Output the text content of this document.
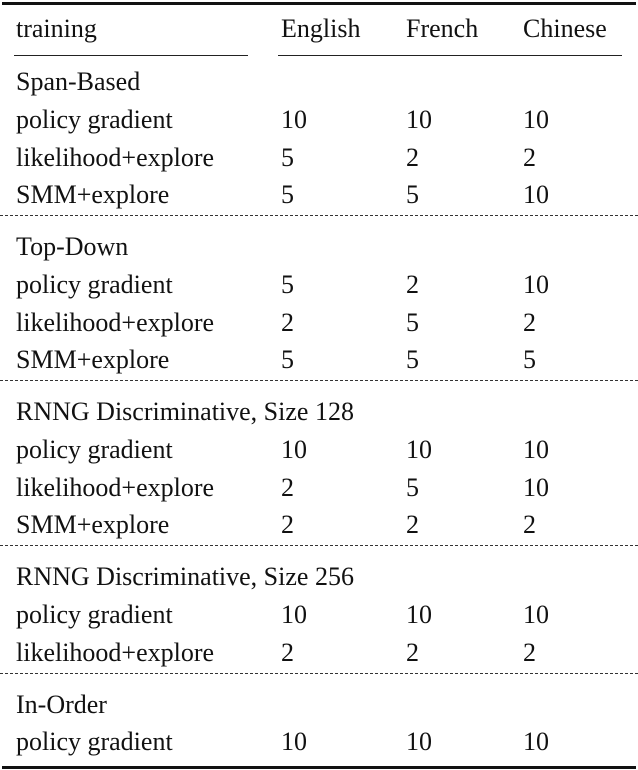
training	English French Chinese
Span-Based
policy gradient	10	10	10
likelihood+explore	5	2	2
SMM+explore	5	5	10
Top-Down
policy gradient	5	2	10
likelihood+explore	2	5	2
SMM+explore	5	5	5
RNNG Discriminative, Size 128
policy gradient	10	10	10
likelihood+explore	2	5	10
SMM+explore	2	2	2
RNNG Discriminative, Size 256
policy gradient	10	10	10
likelihood+explore	2	2	2
In-Order
policy gradient	10	10	10
